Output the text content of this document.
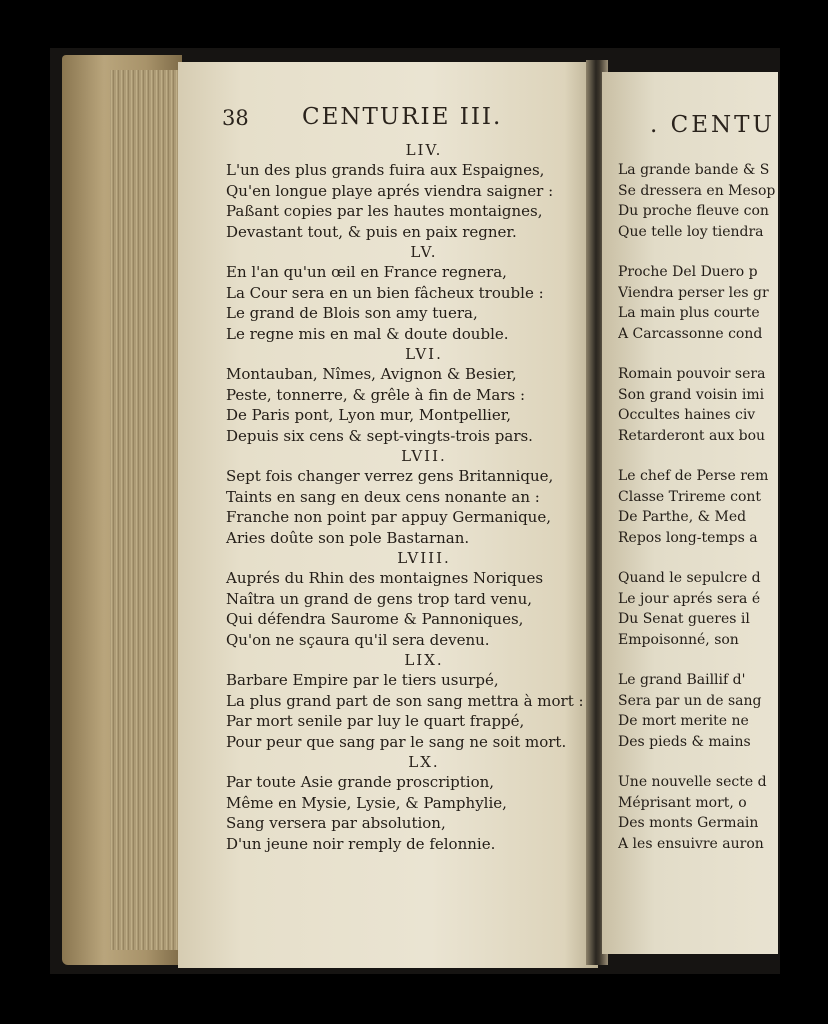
38 CENTURIE III.
LIV.
L'un des plus grands fuira aux Espaignes,
Qu'en longue playe aprés viendra saigner :
Paßant copies par les hautes montaignes,
Devastant tout, & puis en paix regner.
LV.
En l'an qu'un œil en France regnera,
La Cour sera en un bien fâcheux trouble :
Le grand de Blois son amy tuera,
Le regne mis en mal & doute double.
LVI.
Montauban, Nîmes, Avignon & Besier,
Peste, tonnerre, & grêle à fin de Mars :
De Paris pont, Lyon mur, Montpellier,
Depuis six cens & sept-vingts-trois pars.
LVII.
Sept fois changer verrez gens Britannique,
Taints en sang en deux cens nonante an :
Franche non point par appuy Germanique,
Aries doûte son pole Bastarnan.
LVIII.
Auprés du Rhin des montaignes Noriques
Naîtra un grand de gens trop tard venu,
Qui défendra Saurome & Pannoniques,
Qu'on ne sçaura qu'il sera devenu.
LIX.
Barbare Empire par le tiers usurpé,
La plus grand part de son sang mettra à mort :
Par mort senile par luy le quart frappé,
Pour peur que sang par le sang ne soit mort.
LX.
Par toute Asie grande proscription,
Même en Mysie, Lysie, & Pamphylie,
Sang versera par absolution,
D'un jeune noir remply de felonnie.
. CENTU
La grande bande & S
Se dressera en Mesop
Du proche fleuve con
Que telle loy tiendra
Proche Del Duero p
Viendra perser les gr
La main plus courte
A Carcassonne cond
Romain pouvoir sera
Son grand voisin imi
Occultes haines civ
Retarderont aux bou
Le chef de Perse rem
Classe Trireme cont
De Parthe, & Med
Repos long-temps a
Quand le sepulcre d
Le jour aprés sera é
Du Senat gueres il
Empoisonné, son
Le grand Baillif d'
Sera par un de sang
De mort merite ne
Des pieds & mains
Une nouvelle secte d
Méprisant mort, o
Des monts Germain
A les ensuivre auron
